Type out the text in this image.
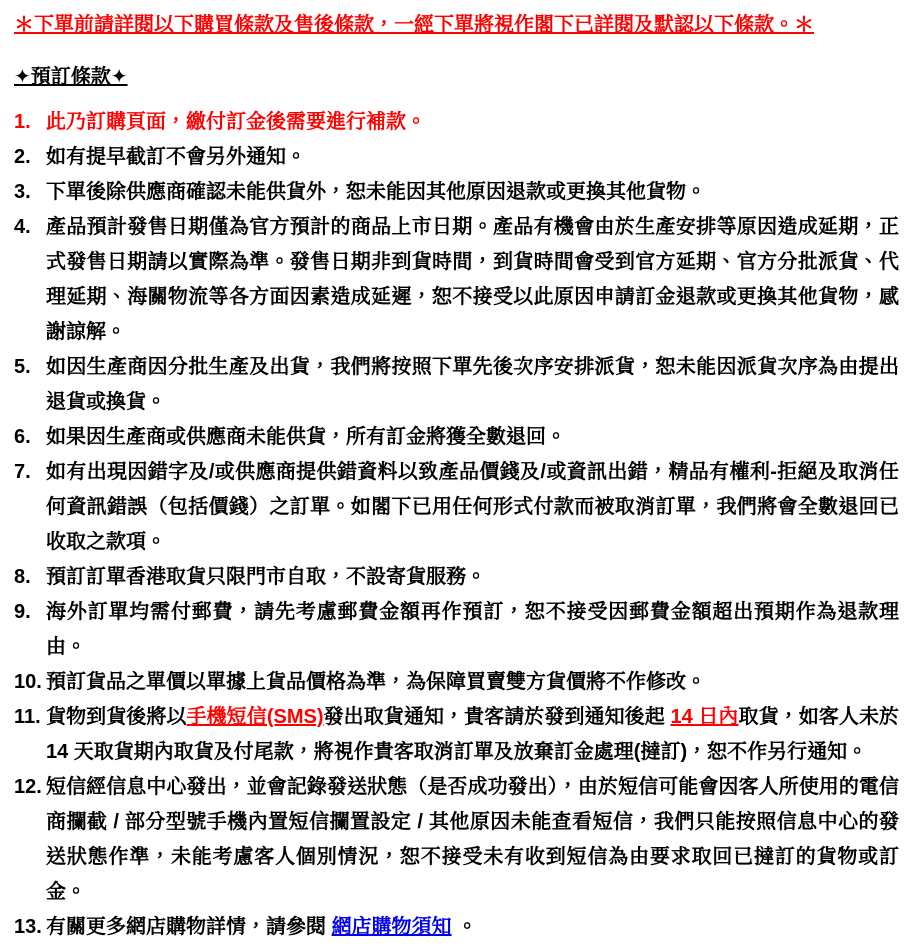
＊下單前請詳閱以下購買條款及售後條款，一經下單將視作閣下已詳閱及默認以下條款。＊
✦預訂條款✦
1. 此乃訂購頁面，繳付訂金後需要進行補款。
2. 如有提早截訂不會另外通知。
3. 下單後除供應商確認未能供貨外，恕未能因其他原因退款或更換其他貨物。
4. 產品預計發售日期僅為官方預計的商品上市日期。產品有機會由於生產安排等原因造成延期，正式發售日期請以實際為準。發售日期非到貨時間，到貨時間會受到官方延期、官方分批派貨、代理延期、海關物流等各方面因素造成延遲，恕不接受以此原因申請訂金退款或更換其他貨物，感謝諒解。
5. 如因生產商因分批生產及出貨，我們將按照下單先後次序安排派貨，恕未能因派貨次序為由提出退貨或換貨。
6. 如果因生產商或供應商未能供貨，所有訂金將獲全數退回。
7. 如有出現因錯字及/或供應商提供錯資料以致產品價錢及/或資訊出錯，精品有權利-拒絕及取消任何資訊錯誤（包括價錢）之訂單。如閣下已用任何形式付款而被取消訂單，我們將會全數退回已收取之款項。
8. 預訂訂單香港取貨只限門市自取，不設寄貨服務。
9. 海外訂單均需付郵費，請先考慮郵費金額再作預訂，恕不接受因郵費金額超出預期作為退款理由。
10. 預訂貨品之單價以單據上貨品價格為準，為保障買賣雙方貨價將不作修改。
11. 貨物到貨後將以手機短信(SMS)發出取貨通知，貴客請於發到通知後起 14 日內取貨，如客人未於 14 天取貨期內取貨及付尾款，將視作貴客取消訂單及放棄訂金處理(撻訂)，恕不作另行通知。
12. 短信經信息中心發出，並會記錄發送狀態（是否成功發出），由於短信可能會因客人所使用的電信商攔截 / 部分型號手機內置短信攔置設定 / 其他原因未能查看短信，我們只能按照信息中心的發送狀態作準，未能考慮客人個別情況，恕不接受未有收到短信為由要求取回已撻訂的貨物或訂金。
13. 有關更多網店購物詳情，請參閱 網店購物須知 。
